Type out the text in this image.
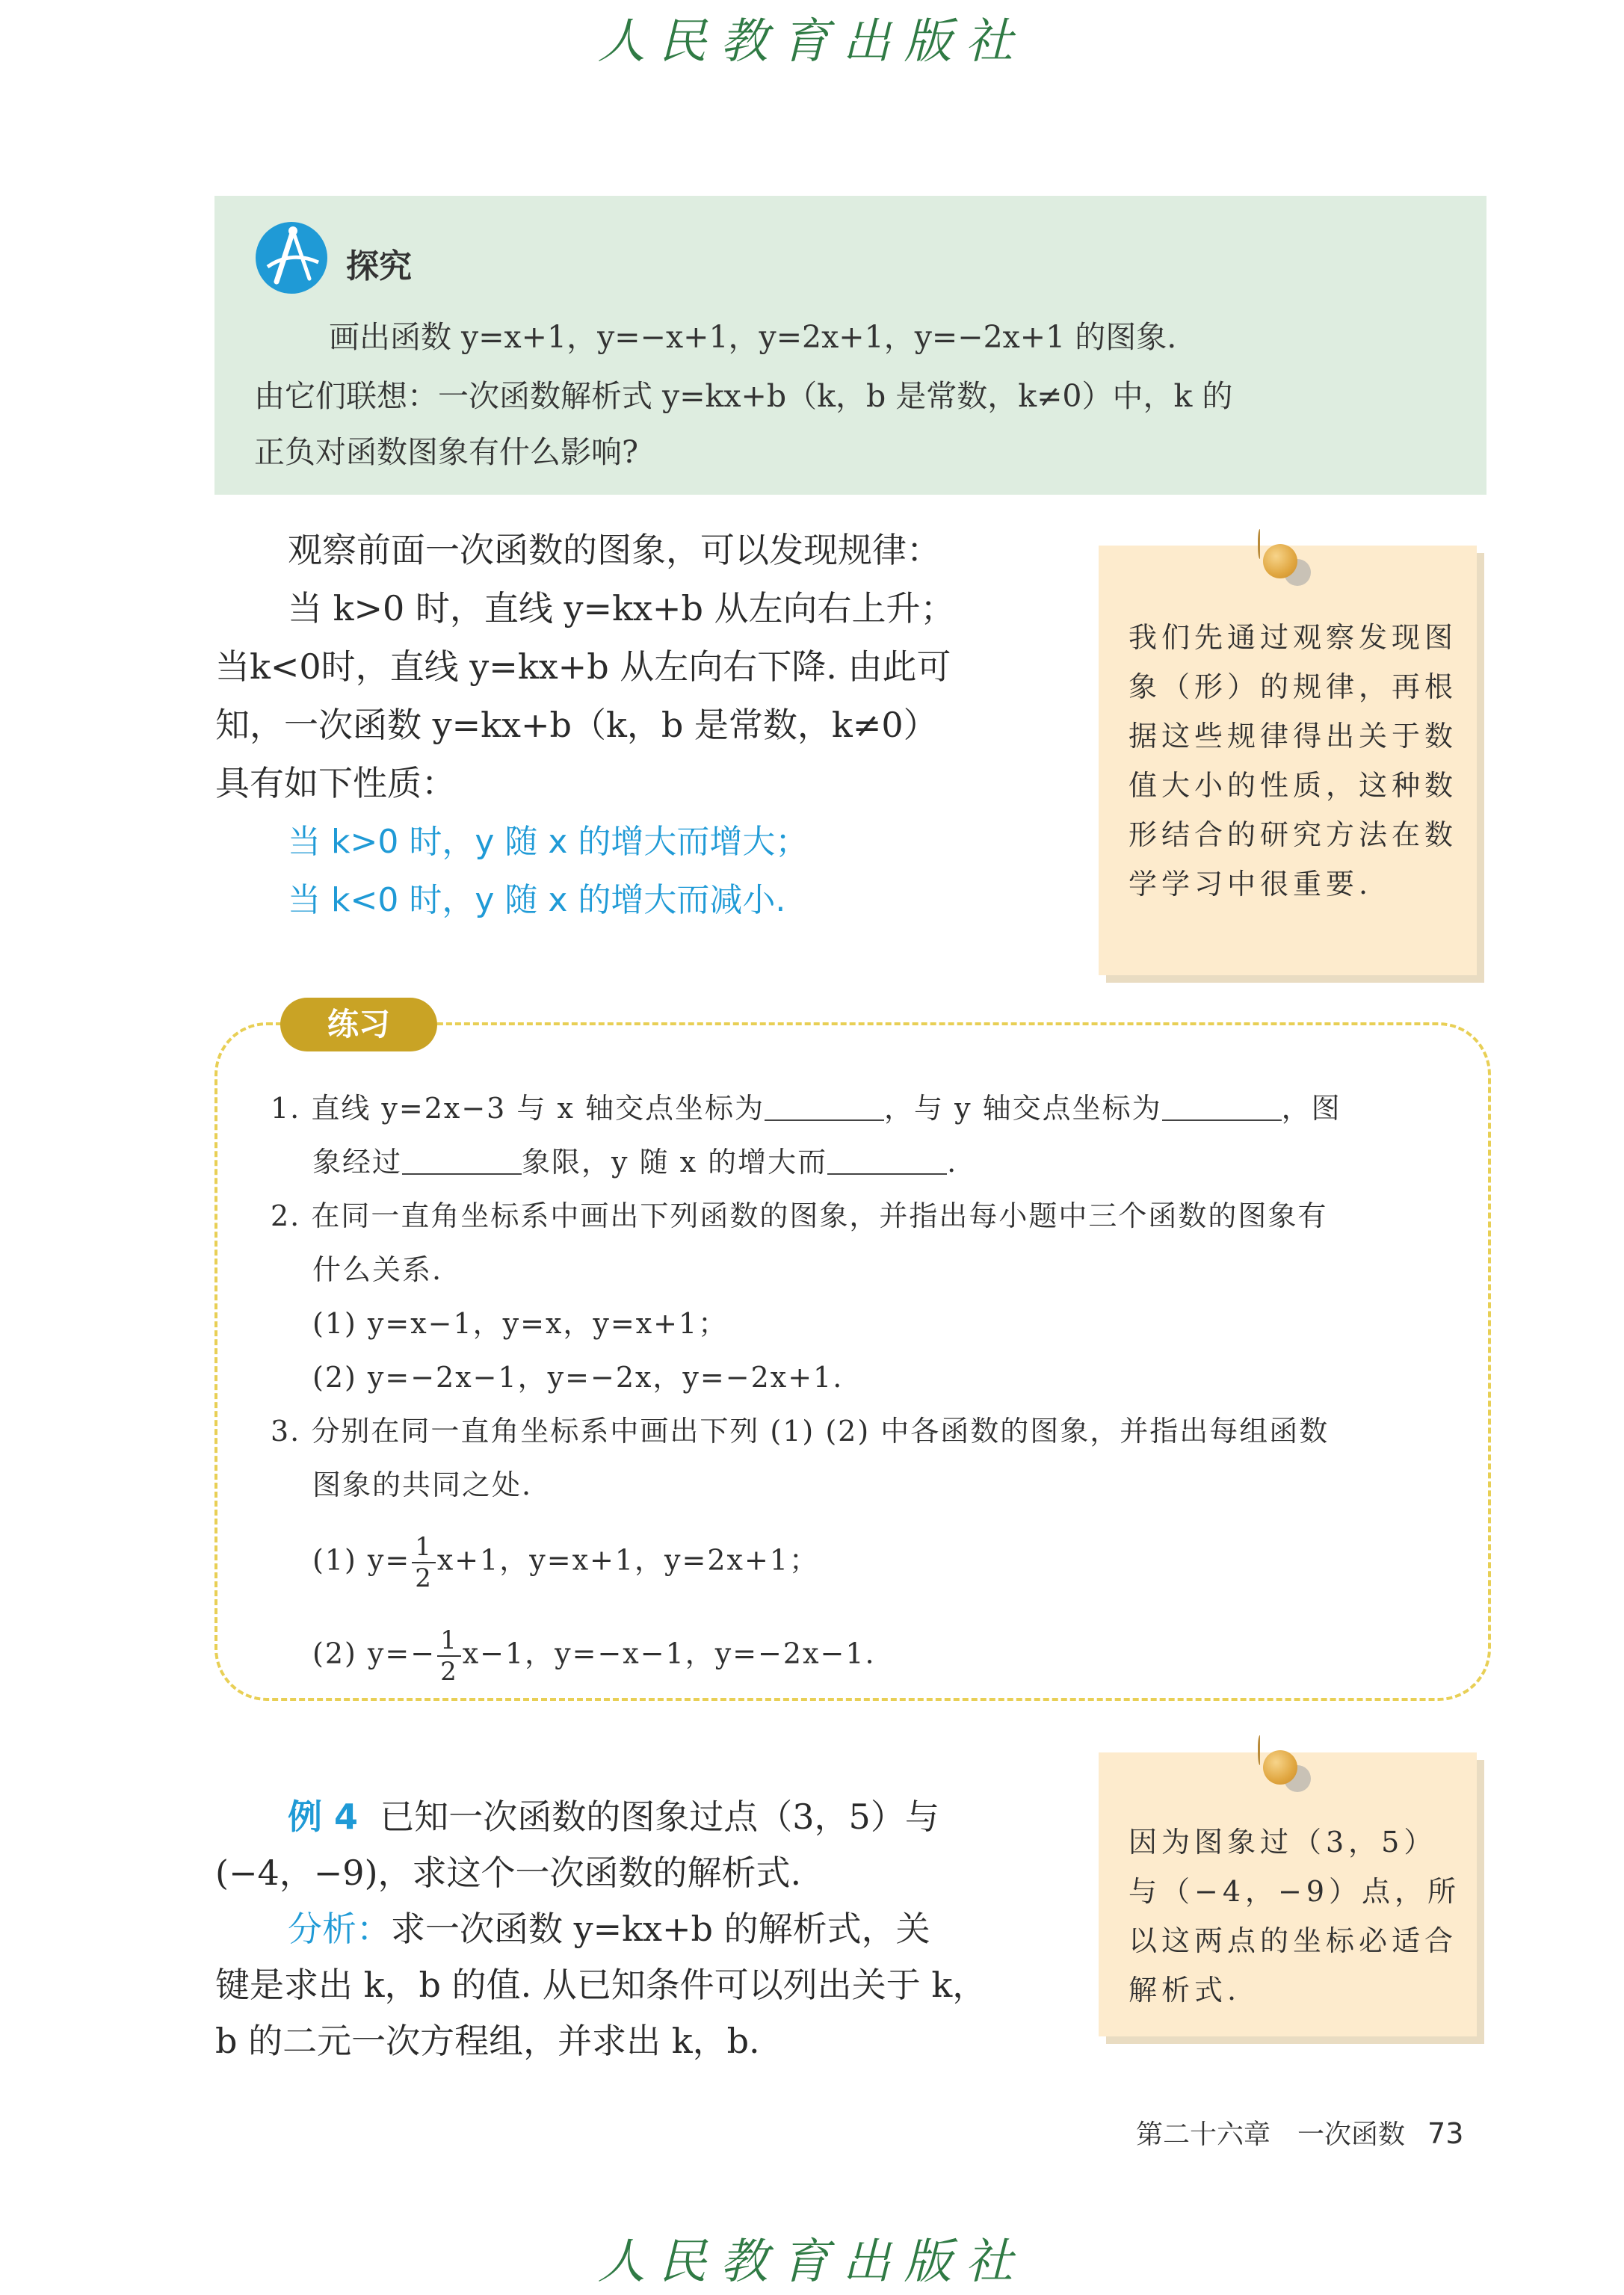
人民教育出版社
探究
画出函数 y=x+1，y=−x+1，y=2x+1，y=−2x+1 的图象.
由它们联想：一次函数解析式 y=kx+b（k，b 是常数，k≠0）中，k 的
正负对函数图象有什么影响?
观察前面一次函数的图象，可以发现规律：
当 k>0 时，直线 y=kx+b 从左向右上升；
当k<0时，直线 y=kx+b 从左向右下降. 由此可
知，一次函数 y=kx+b（k，b 是常数，k≠0）
具有如下性质：
当 k>0 时，y 随 x 的增大而增大；
当 k<0 时，y 随 x 的增大而减小.
我们先通过观察发现图象（形）的规律，再根据这些规律得出关于数值大小的性质，这种数形结合的研究方法在数学学习中很重要.
练习
1. 直线 y=2x−3 与 x 轴交点坐标为	，与 y 轴交点坐标为	，图
象经过	象限，y 随 x 的增大而	.
2. 在同一直角坐标系中画出下列函数的图象，并指出每小题中三个函数的图象有
什么关系.
(1) y=x−1，y=x，y=x+1；
(2) y=−2x−1，y=−2x，y=−2x+1.
3. 分别在同一直角坐标系中画出下列 (1) (2) 中各函数的图象，并指出每组函数
图象的共同之处.
(1) $y= \frac{1}{2} x+1$，y=x+1，y=2x+1；
(2) $y=- \frac{1}{2} x-1$，y=−x−1，y=−2x−1.
例 4 已知一次函数的图象过点（3，5）与
(−4，−9)，求这个一次函数的解析式.
分析：求一次函数 y=kx+b 的解析式，关
键是求出 k，b 的值. 从已知条件可以列出关于 k，
b 的二元一次方程组，并求出 k，b.
因为图象过（3，5）与（−4，−9）点，所以这两点的坐标必适合解析式.
第二十六章　一次函数 73
人民教育出版社
